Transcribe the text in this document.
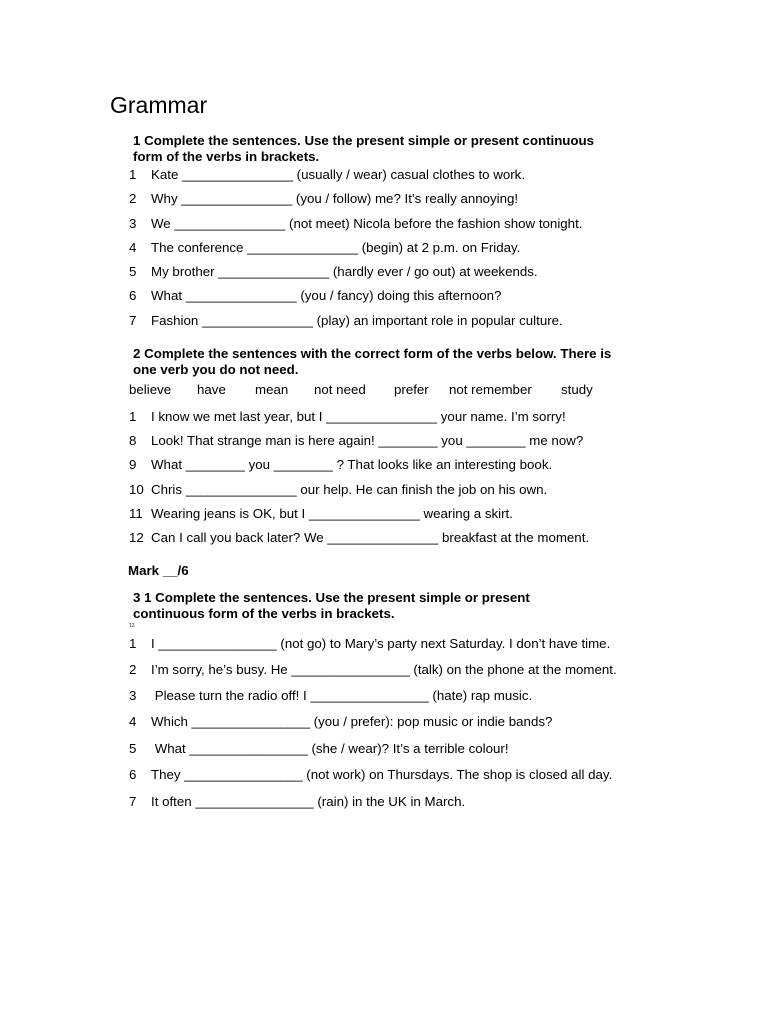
Grammar
1 Complete the sentences. Use the present simple or present continuous
form of the verbs in brackets.
1 Kate _______________ (usually / wear) casual clothes to work.
2 Why _______________ (you / follow) me? It’s really annoying!
3 We _______________ (not meet) Nicola before the fashion show tonight.
4 The conference _______________ (begin) at 2 p.m. on Friday.
5 My brother _______________ (hardly ever / go out) at weekends.
6 What _______________ (you / fancy) doing this afternoon?
7 Fashion _______________ (play) an important role in popular culture.
2 Complete the sentences with the correct form of the verbs below. There is
one verb you do not need.
believe have mean not need prefer not remember study
1 I know we met last year, but I _______________ your name. I’m sorry!
8 Look! That strange man is here again! ________ you ________ me now?
9 What ________ you ________ ? That looks like an interesting book.
10 Chris _______________ our help. He can finish the job on his own.
11 Wearing jeans is OK, but I _______________ wearing a skirt.
12 Can I call you back later? We _______________ breakfast at the moment.
Mark __/6
3 1 Complete the sentences. Use the present simple or present
continuous form of the verbs in brackets.
13
1 I ________________ (not go) to Mary’s party next Saturday. I don’t have time.
2 I’m sorry, he’s busy. He ________________ (talk) on the phone at the moment.
3 Please turn the radio off! I ________________ (hate) rap music.
4 Which ________________ (you / prefer): pop music or indie bands?
5 What ________________ (she / wear)? It’s a terrible colour!
6 They ________________ (not work) on Thursdays. The shop is closed all day.
7 It often ________________ (rain) in the UK in March.
